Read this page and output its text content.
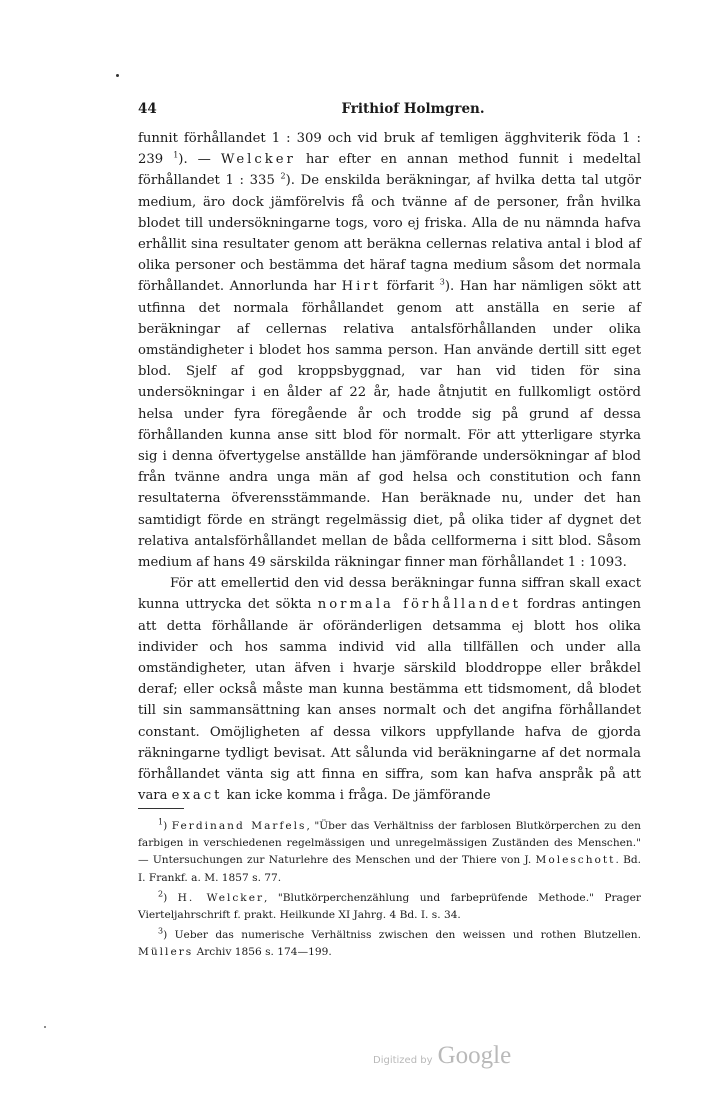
44	Frithiof Holmgren.

funnit förhållandet 1 : 309 och vid bruk af temligen ägghviterik föda 1 : 239 $^1$). — Welcker har efter en annan method funnit i medeltal förhållandet 1 : 335 $^2$). De enskilda beräkningar, af hvilka detta tal utgör medium, äro dock jämförelvis få och tvänne af de personer, från hvilka blodet till undersökningarne togs, voro ej friska. Alla de nu nämnda hafva erhållit sina resultater genom att beräkna cellernas relativa antal i blod af olika personer och bestämma det häraf tagna medium såsom det normala förhållandet. Annorlunda har Hirt förfarit $^3$). Han har nämligen sökt att utfinna det normala förhållandet genom att anställa en serie af beräkningar af cellernas relativa antalsförhållanden under olika omständigheter i blodet hos samma person. Han använde dertill sitt eget blod. Sjelf af god kroppsbyggnad, var han vid tiden för sina undersökningar i en ålder af 22 år, hade åtnjutit en fullkomligt ostörd helsa under fyra föregående år och trodde sig på grund af dessa förhållanden kunna anse sitt blod för normalt. För att ytterligare styrka sig i denna öfvertygelse anställde han jämförande undersökningar af blod från tvänne andra unga män af god helsa och constitution och fann resultaterna öfverensstämmande. Han beräknade nu, under det han samtidigt förde en strängt regelmässig diet, på olika tider af dygnet det relativa antalsförhållandet mellan de båda cellformerna i sitt blod. Såsom medium af hans 49 särskilda räkningar finner man förhållandet 1 : 1093.

För att emellertid den vid dessa beräkningar funna siffran skall exact kunna uttrycka det sökta normala förhållandet fordras antingen att detta förhållande är oföränderligen detsamma ej blott hos olika individer och hos samma individ vid alla tillfällen och under alla omständigheter, utan äfven i hvarje särskild bloddroppe eller bråkdel deraf; eller också måste man kunna bestämma ett tidsmoment, då blodet till sin sammansättning kan anses normalt och det angifna förhållandet constant. Omöjligheten af dessa vilkors uppfyllande hafva de gjorda räkningarne tydligt bevisat. Att sålunda vid beräkningarne af det normala förhållandet vänta sig att finna en siffra, som kan hafva anspråk på att vara exact kan icke komma i fråga. De jämförande

$^1$) Ferdinand Marfels, "Über das Verhältniss der farblosen Blutkörperchen zu den farbigen in verschiedenen regelmässigen und unregelmässigen Zuständen des Menschen." — Untersuchungen zur Naturlehre des Menschen und der Thiere von J. Moleschott. Bd. I. Frankf. a. M. 1857 s. 77.

$^2$) H. Welcker, "Blutkörperchenzählung und farbeprüfende Methode." Prager Vierteljahrschrift f. prakt. Heilkunde XI Jahrg. 4 Bd. I. s. 34.

$^3$) Ueber das numerische Verhältniss zwischen den weissen und rothen Blutzellen. Müllers Archiv 1856 s. 174—199.

Digitized by Google
